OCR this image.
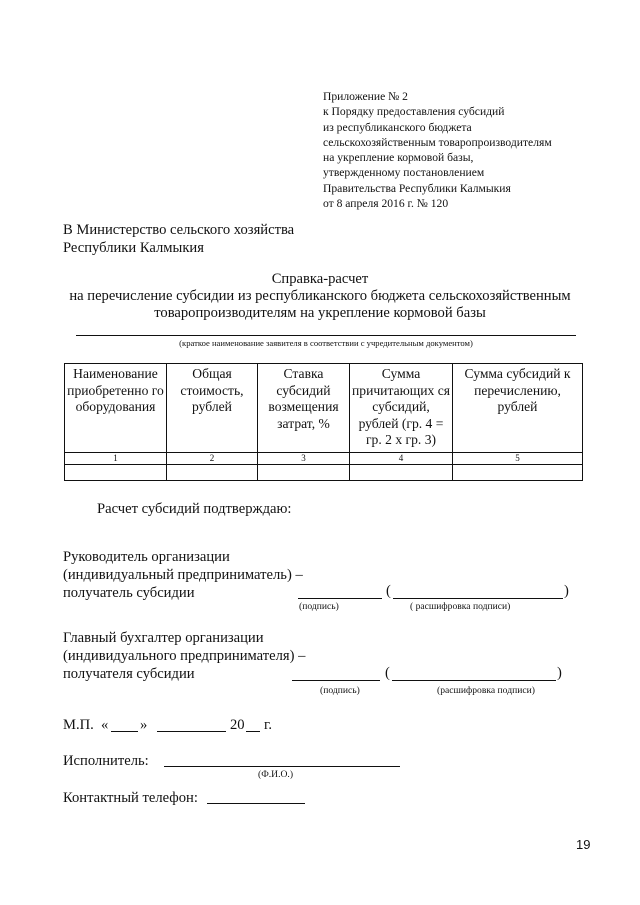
Приложение № 2
к Порядку предоставления субсидий
из республиканского бюджета
сельскохозяйственным товаропроизводителям
на укрепление кормовой базы,
утвержденному постановлением
Правительства Республики Калмыкия
от 8 апреля 2016 г. № 120
В Министерство сельского хозяйства
Республики Калмыкия
Справка-расчет
на перечисление субсидии из республиканского бюджета сельскохозяйственным
товаропроизводителям на укрепление кормовой базы
(краткое наименование заявителя в соответствии с учредительным документом)
Наименование приобретенно го оборудования	Общая стоимость, рублей	Ставка субсидий возмещения затрат, %	Сумма причитающих ся субсидий, рублей (гр. 4 = гр. 2 х гр. 3)	Сумма субсидий к перечислению, рублей
1	2	3	4	5

Расчет субсидий подтверждаю:
Руководитель организации
(индивидуальный предприниматель) –
получатель субсидии	(	)
(подпись)	( расшифровка подписи)
Главный бухгалтер организации
(индивидуального предпринимателя) –
получателя субсидии	(	)
(подпись)	(расшифровка подписи)
М.П. « »	20 г.
Исполнитель:
(Ф.И.О.)
Контактный телефон:
19
